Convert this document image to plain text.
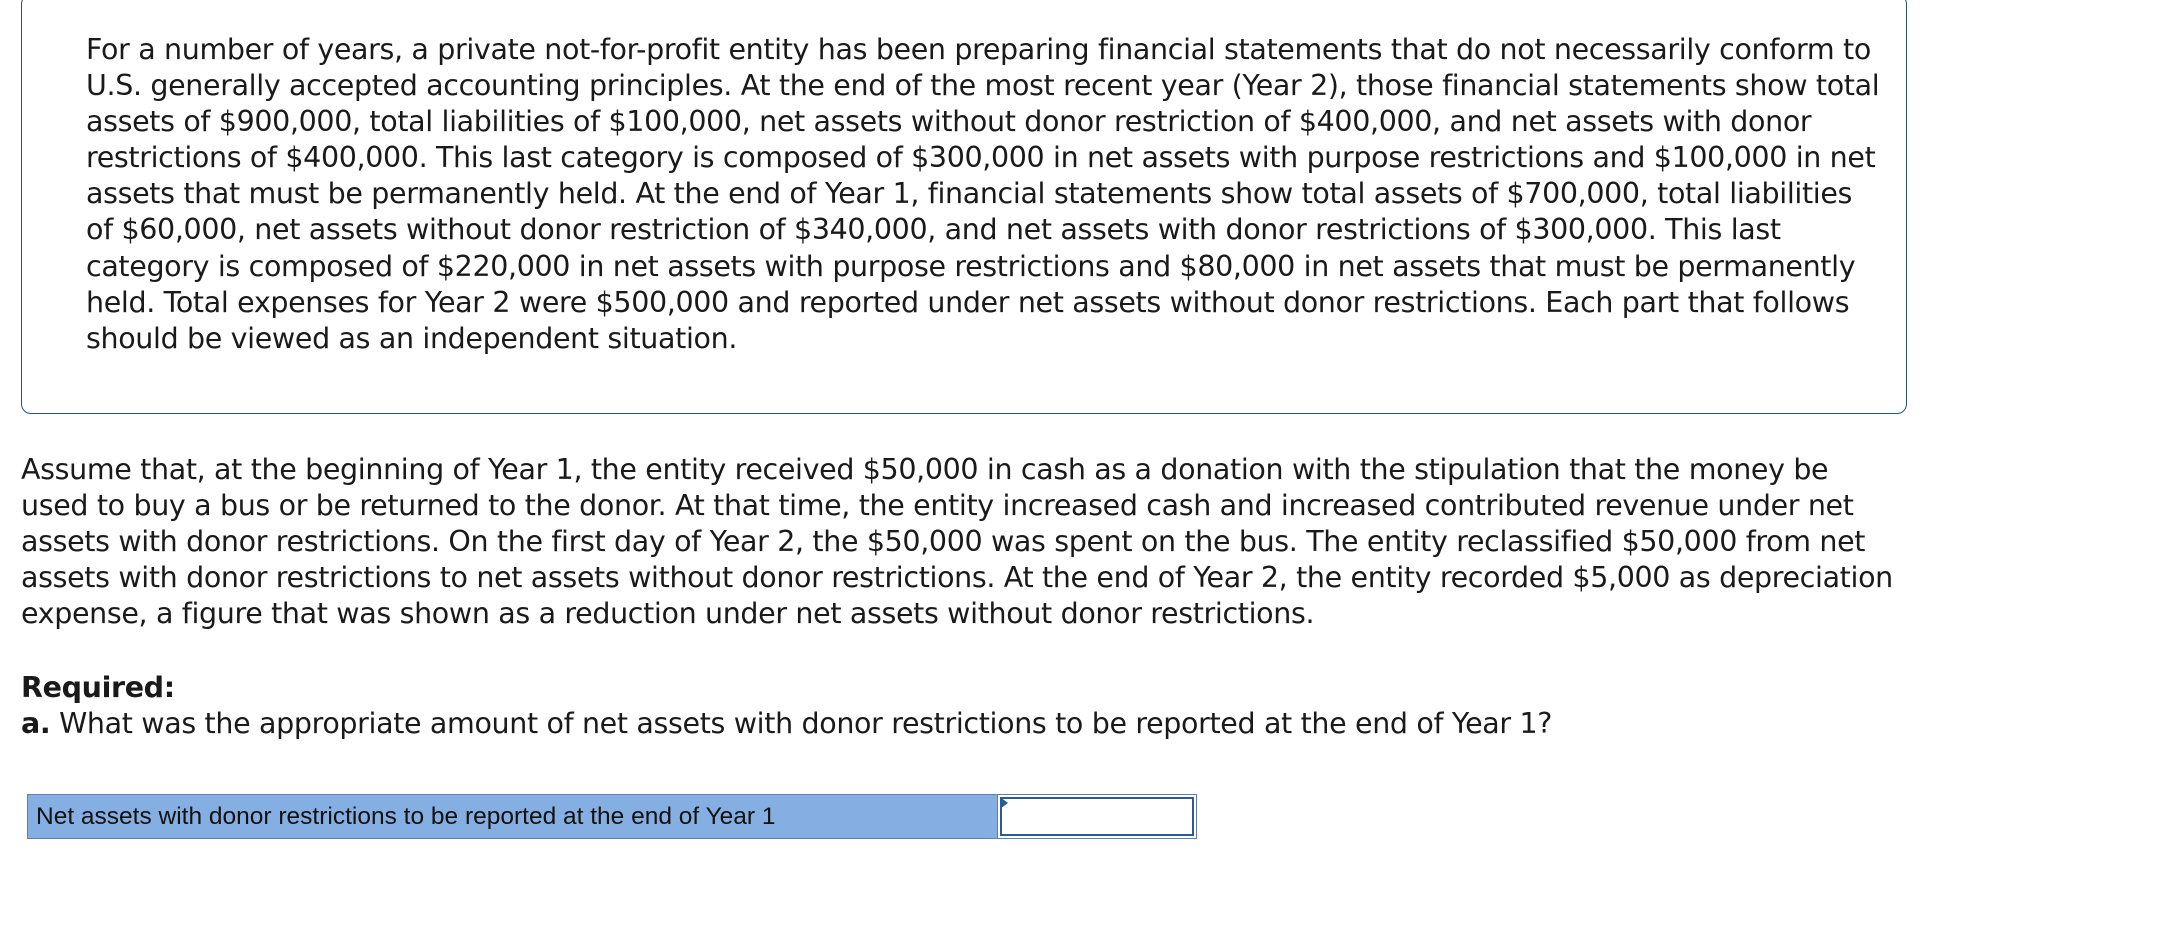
For a number of years, a private not-for-profit entity has been preparing financial statements that do not necessarily conform to U.S. generally accepted accounting principles. At the end of the most recent year (Year 2), those financial statements show total assets of $900,000, total liabilities of $100,000, net assets without donor restriction of $400,000, and net assets with donor restrictions of $400,000. This last category is composed of $300,000 in net assets with purpose restrictions and $100,000 in net assets that must be permanently held. At the end of Year 1, financial statements show total assets of $700,000, total liabilities of $60,000, net assets without donor restriction of $340,000, and net assets with donor restrictions of $300,000. This last category is composed of $220,000 in net assets with purpose restrictions and $80,000 in net assets that must be permanently held. Total expenses for Year 2 were $500,000 and reported under net assets without donor restrictions. Each part that follows should be viewed as an independent situation.

Assume that, at the beginning of Year 1, the entity received $50,000 in cash as a donation with the stipulation that the money be used to buy a bus or be returned to the donor. At that time, the entity increased cash and increased contributed revenue under net assets with donor restrictions. On the first day of Year 2, the $50,000 was spent on the bus. The entity reclassified $50,000 from net assets with donor restrictions to net assets without donor restrictions. At the end of Year 2, the entity recorded $5,000 as depreciation expense, a figure that was shown as a reduction under net assets without donor restrictions.

Required:

a. What was the appropriate amount of net assets with donor restrictions to be reported at the end of Year 1?

Net assets with donor restrictions to be reported at the end of Year 1
